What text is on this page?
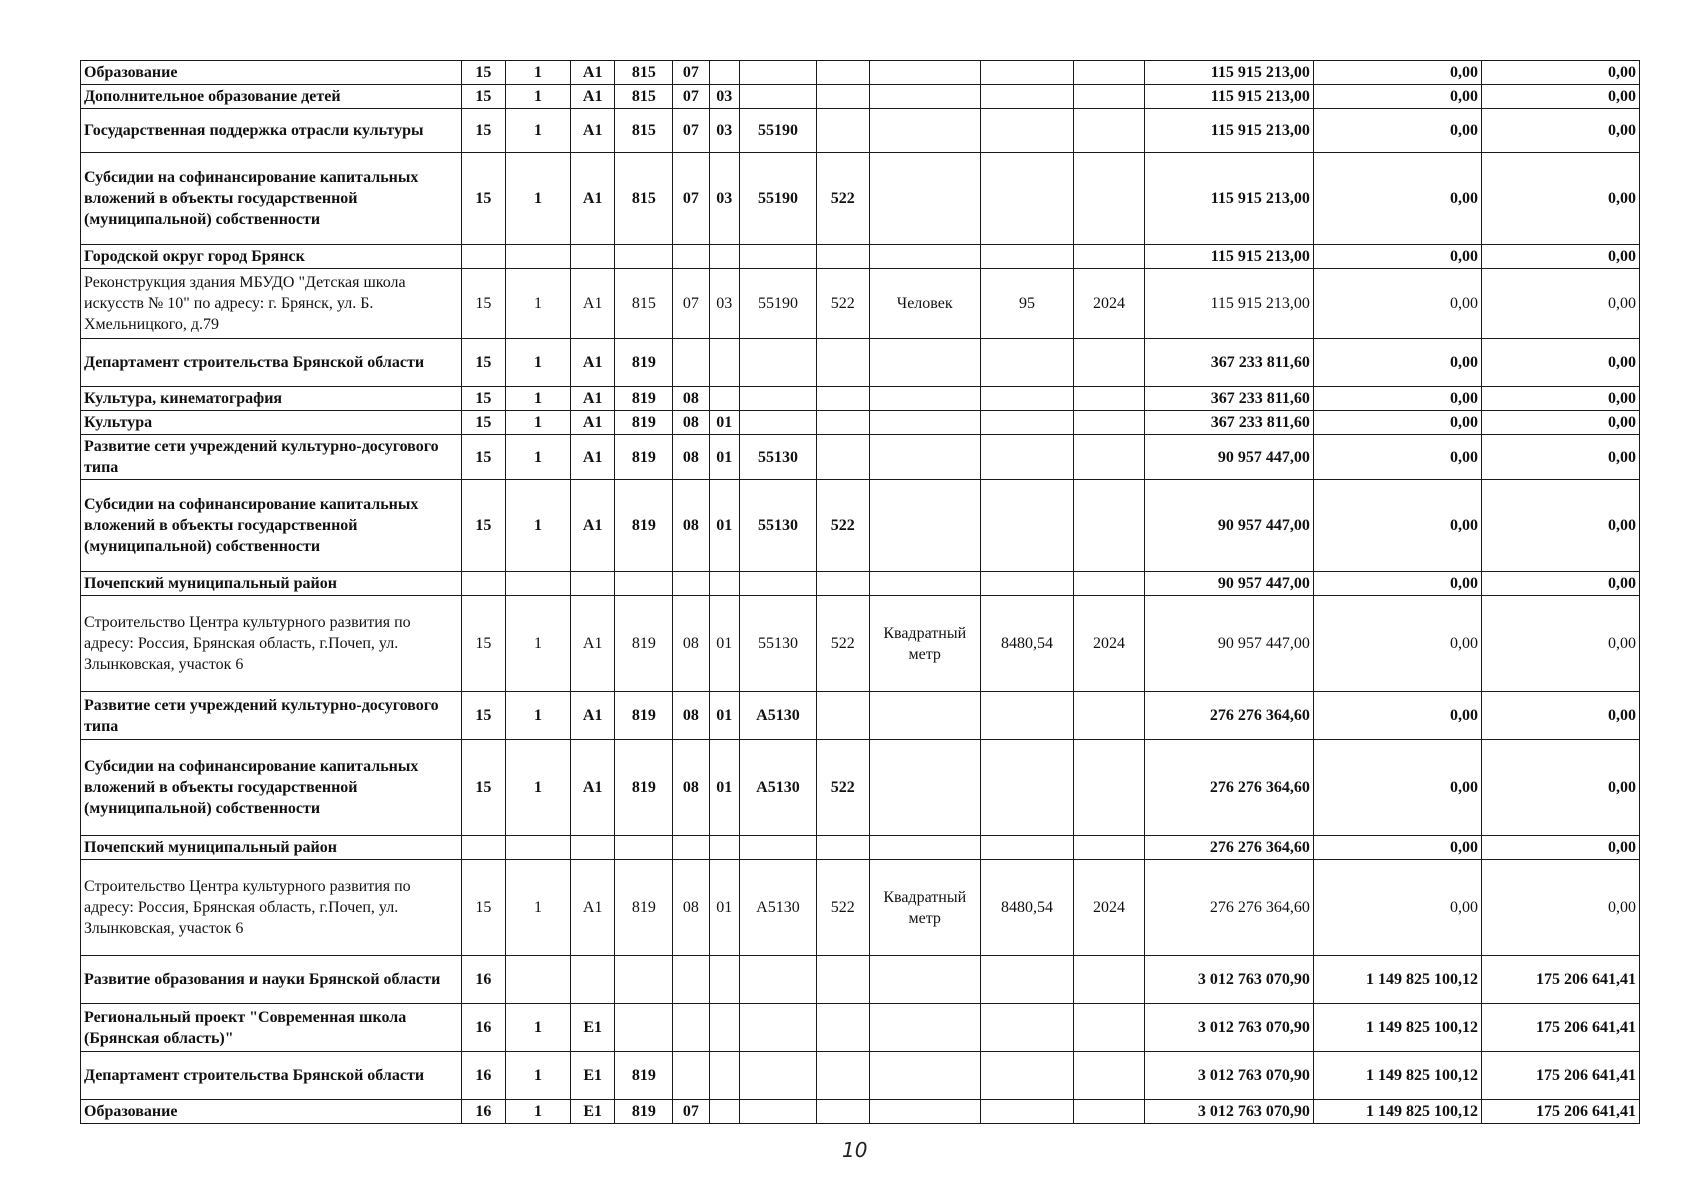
Образование	15	1	А1	815	07							115 915 213,00	0,00	0,00
Дополнительное образование детей	15	1	А1	815	07	03						115 915 213,00	0,00	0,00
Государственная поддержка отрасли культуры	15	1	А1	815	07	03	55190					115 915 213,00	0,00	0,00
Субсидии на софинансирование капитальных вложений в объекты государственной (муниципальной) собственности	15	1	А1	815	07	03	55190	522				115 915 213,00	0,00	0,00
Городской округ город Брянск												115 915 213,00	0,00	0,00
Реконструкция здания МБУДО "Детская школа искусств № 10" по адресу: г. Брянск, ул. Б. Хмельницкого, д.79	15	1	А1	815	07	03	55190	522	Человек	95	2024	115 915 213,00	0,00	0,00
Департамент строительства Брянской области	15	1	А1	819								367 233 811,60	0,00	0,00
Культура, кинематография	15	1	А1	819	08							367 233 811,60	0,00	0,00
Культура	15	1	А1	819	08	01						367 233 811,60	0,00	0,00
Развитие сети учреждений культурно-досугового типа	15	1	А1	819	08	01	55130					90 957 447,00	0,00	0,00
Субсидии на софинансирование капитальных вложений в объекты государственной (муниципальной) собственности	15	1	А1	819	08	01	55130	522				90 957 447,00	0,00	0,00
Почепский муниципальный район												90 957 447,00	0,00	0,00
Строительство Центра культурного развития по адресу: Россия, Брянская область, г.Почеп, ул. Злынковская, участок 6	15	1	А1	819	08	01	55130	522	Квадратный метр	8480,54	2024	90 957 447,00	0,00	0,00
Развитие сети учреждений культурно-досугового типа	15	1	А1	819	08	01	А5130					276 276 364,60	0,00	0,00
Субсидии на софинансирование капитальных вложений в объекты государственной (муниципальной) собственности	15	1	А1	819	08	01	А5130	522				276 276 364,60	0,00	0,00
Почепский муниципальный район												276 276 364,60	0,00	0,00
Строительство Центра культурного развития по адресу: Россия, Брянская область, г.Почеп, ул. Злынковская, участок 6	15	1	А1	819	08	01	А5130	522	Квадратный метр	8480,54	2024	276 276 364,60	0,00	0,00
Развитие образования и науки Брянской области	16											3 012 763 070,90	1 149 825 100,12	175 206 641,41
Региональный проект "Современная школа (Брянская область)"	16	1	Е1									3 012 763 070,90	1 149 825 100,12	175 206 641,41
Департамент строительства Брянской области	16	1	Е1	819								3 012 763 070,90	1 149 825 100,12	175 206 641,41
Образование	16	1	Е1	819	07							3 012 763 070,90	1 149 825 100,12	175 206 641,41
10
